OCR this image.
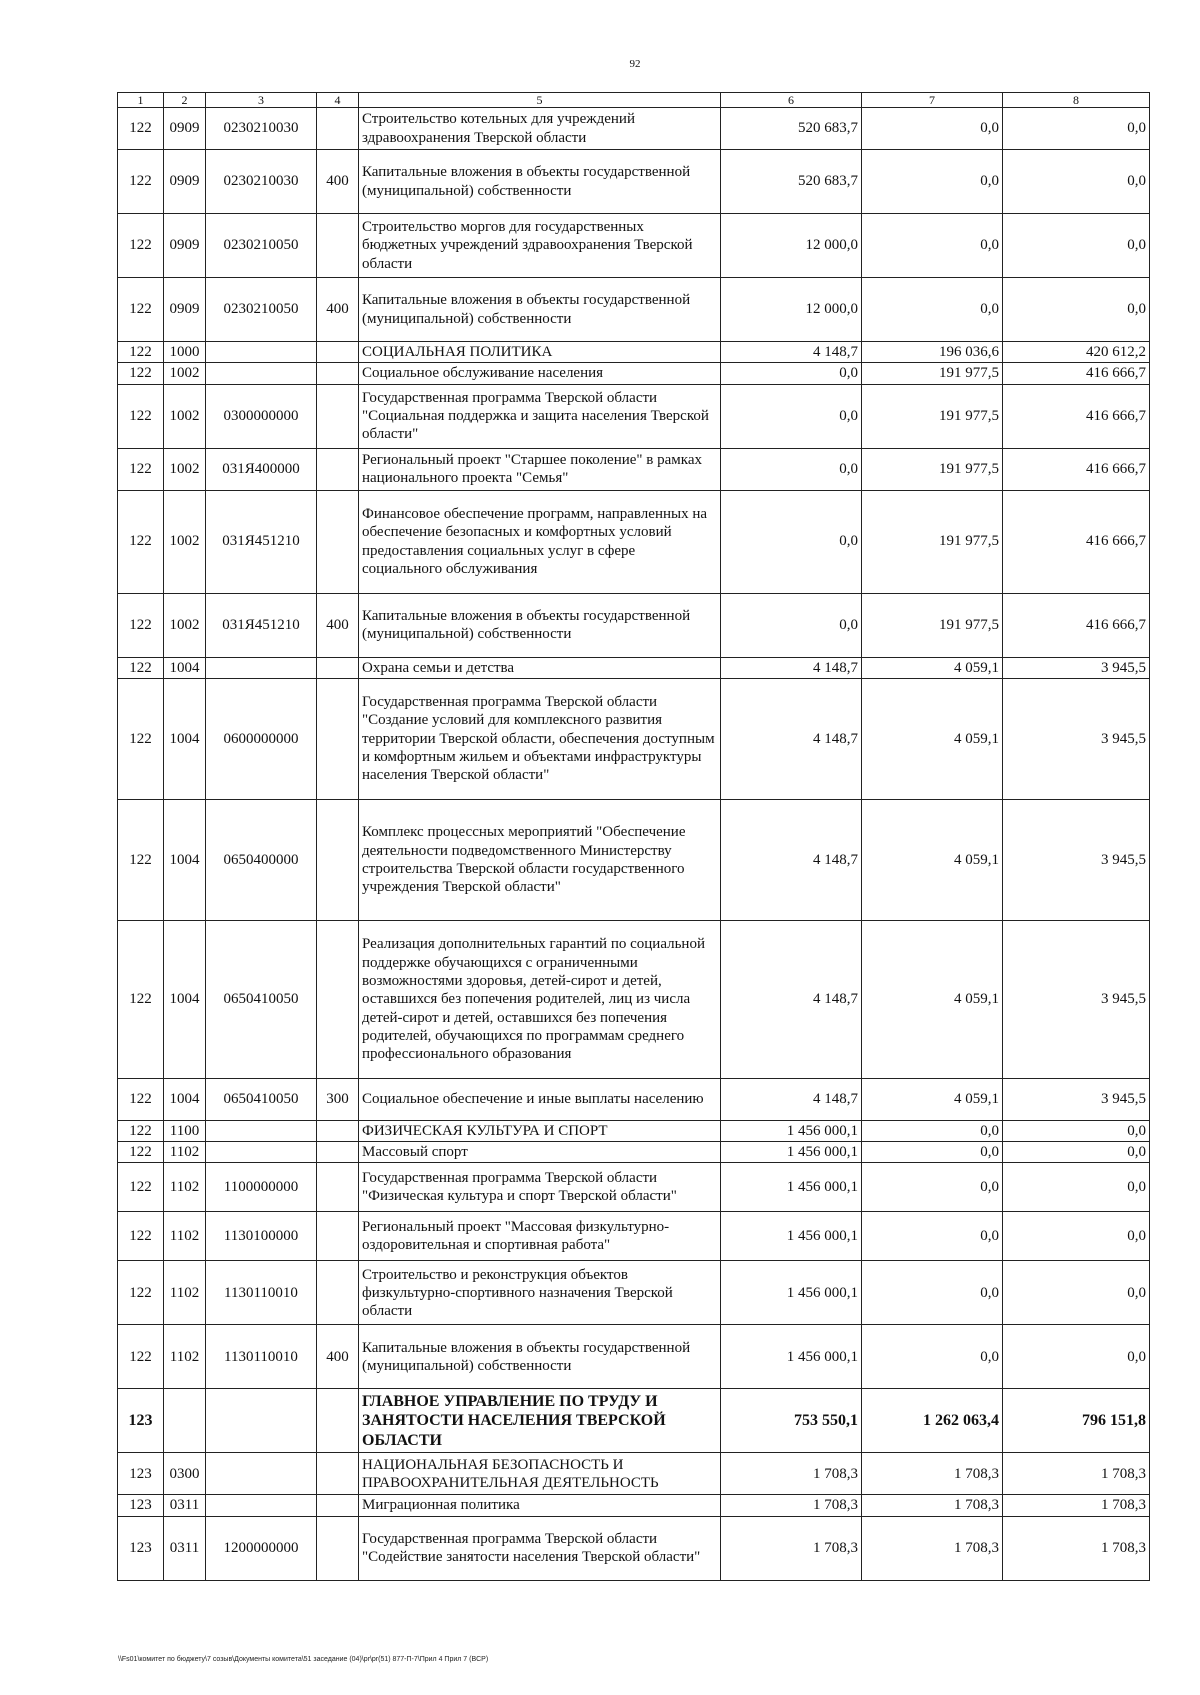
92
1	2	3	4	5	6	7	8
122	0909	0230210030		Строительство котельных для учреждений здравоохранения Тверской области	520 683,7	0,0	0,0
122	0909	0230210030	400	Капитальные вложения в объекты государственной (муниципальной) собственности	520 683,7	0,0	0,0
122	0909	0230210050		Строительство моргов для государственных бюджетных учреждений здравоохранения Тверской области	12 000,0	0,0	0,0
122	0909	0230210050	400	Капитальные вложения в объекты государственной (муниципальной) собственности	12 000,0	0,0	0,0
122	1000			СОЦИАЛЬНАЯ ПОЛИТИКА	4 148,7	196 036,6	420 612,2
122	1002			Социальное обслуживание населения	0,0	191 977,5	416 666,7
122	1002	0300000000		Государственная программа Тверской области "Социальная поддержка и защита населения Тверской области"	0,0	191 977,5	416 666,7
122	1002	031Я400000		Региональный проект "Старшее поколение" в рамках национального проекта "Семья"	0,0	191 977,5	416 666,7
122	1002	031Я451210		Финансовое обеспечение программ, направленных на обеспечение безопасных и комфортных условий предоставления социальных услуг в сфере социального обслуживания	0,0	191 977,5	416 666,7
122	1002	031Я451210	400	Капитальные вложения в объекты государственной (муниципальной) собственности	0,0	191 977,5	416 666,7
122	1004			Охрана семьи и детства	4 148,7	4 059,1	3 945,5
122	1004	0600000000		Государственная программа Тверской области "Создание условий для комплексного развития территории Тверской области, обеспечения доступным и комфортным жильем и объектами инфраструктуры населения Тверской области"	4 148,7	4 059,1	3 945,5
122	1004	0650400000		Комплекс процессных мероприятий "Обеспечение деятельности подведомственного Министерству строительства Тверской области государственного учреждения Тверской области"	4 148,7	4 059,1	3 945,5
122	1004	0650410050		Реализация дополнительных гарантий по социальной поддержке обучающихся с ограниченными возможностями здоровья, детей-сирот и детей, оставшихся без попечения родителей, лиц из числа детей-сирот и детей, оставшихся без попечения родителей, обучающихся по программам среднего профессионального образования	4 148,7	4 059,1	3 945,5
122	1004	0650410050	300	Социальное обеспечение и иные выплаты населению	4 148,7	4 059,1	3 945,5
122	1100			ФИЗИЧЕСКАЯ КУЛЬТУРА И СПОРТ	1 456 000,1	0,0	0,0
122	1102			Массовый спорт	1 456 000,1	0,0	0,0
122	1102	1100000000		Государственная программа Тверской области "Физическая культура и спорт Тверской области"	1 456 000,1	0,0	0,0
122	1102	1130100000		Региональный проект "Массовая физкультурно-оздоровительная и спортивная работа"	1 456 000,1	0,0	0,0
122	1102	1130110010		Строительство и реконструкция объектов физкультурно-спортивного назначения Тверской области	1 456 000,1	0,0	0,0
122	1102	1130110010	400	Капитальные вложения в объекты государственной (муниципальной) собственности	1 456 000,1	0,0	0,0
123				ГЛАВНОЕ УПРАВЛЕНИЕ ПО ТРУДУ И ЗАНЯТОСТИ НАСЕЛЕНИЯ ТВЕРСКОЙ ОБЛАСТИ	753 550,1	1 262 063,4	796 151,8
123	0300			НАЦИОНАЛЬНАЯ БЕЗОПАСНОСТЬ И ПРАВООХРАНИТЕЛЬНАЯ ДЕЯТЕЛЬНОСТЬ	1 708,3	1 708,3	1 708,3
123	0311			Миграционная политика	1 708,3	1 708,3	1 708,3
123	0311	1200000000		Государственная программа Тверской области "Содействие занятости населения Тверской области"	1 708,3	1 708,3	1 708,3
\\Fs01\комитет по бюджету\7 созыв\Документы комитета\51 заседание (04)\pr\pr(51) 877-П-7\Прил 4 Прил 7 (BCP)
